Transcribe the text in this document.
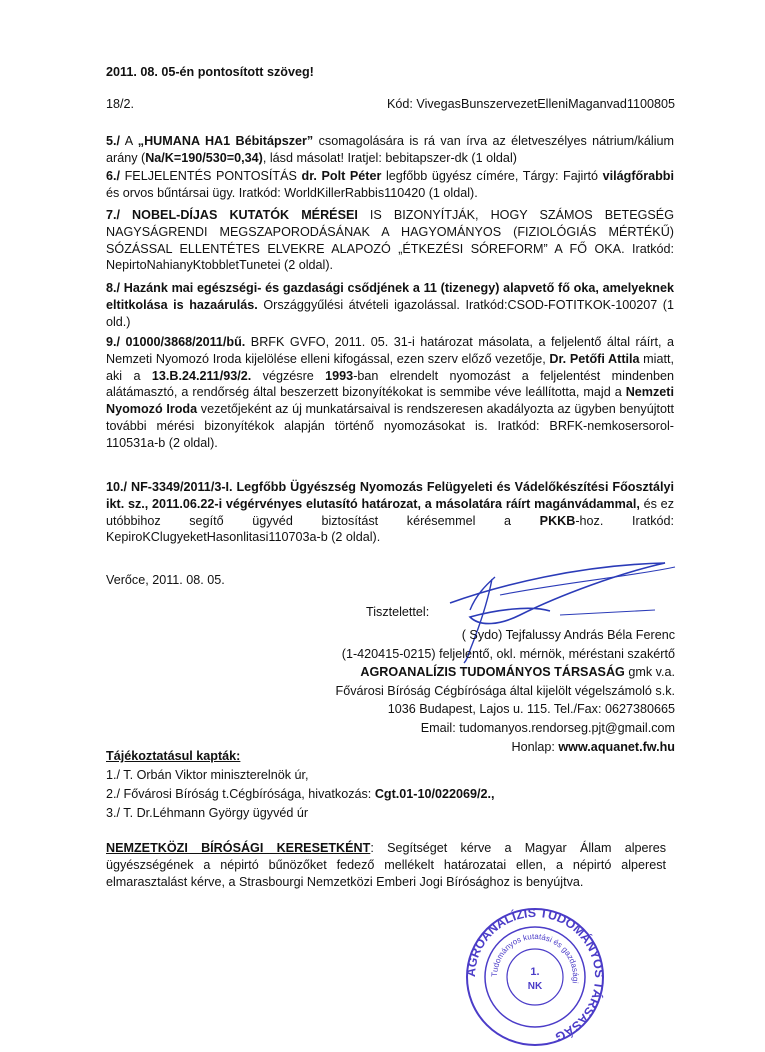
2011. 08. 05-én pontosított szöveg!
18/2.	Kód: VivegasBunszervezetElleniMaganvad1100805
5./ A „HUMANA HA1 Bébitápszer” csomagolására is rá van írva az életveszélyes nátrium/kálium arány (Na/K=190/530=0,34), lásd másolat! Iratjel: bebitapszer-dk (1 oldal)
6./ FELJELENTÉS PONTOSÍTÁS dr. Polt Péter legfőbb ügyész címére, Tárgy: Fajirtó világfőrabbi és orvos bűntársai ügy. Iratkód: WorldKillerRabbis110420 (1 oldal).
7./ NOBEL-DÍJAS KUTATÓK MÉRÉSEI IS BIZONYÍTJÁK, HOGY SZÁMOS BETEGSÉG NAGYSÁGRENDI MEGSZAPORODÁSÁNAK A HAGYOMÁNYOS (FIZIOLÓGIÁS MÉRTÉKŰ) SÓZÁSSAL ELLENTÉTES ELVEKRE ALAPOZÓ „ÉTKEZÉSI SÓREFORM” A FŐ OKA. Iratkód: NepirtoNahianyKtobbletTunetei (2 oldal).
8./ Hazánk mai egészségi- és gazdasági csődjének a 11 (tizenegy) alapvető fő oka, amelyeknek eltitkolása is hazaárulás. Országgyűlési átvételi igazolással. Iratkód:CSOD-FOTITKOK-100207 (1 old.)
9./ 01000/3868/2011/bű. BRFK GVFO, 2011. 05. 31-i határozat másolata, a feljelentő által ráírt, a Nemzeti Nyomozó Iroda kijelölése elleni kifogással, ezen szerv előző vezetője, Dr. Petőfi Attila miatt, aki a 13.B.24.211/93/2. végzésre 1993-ban elrendelt nyomozást a feljelentést mindenben alátámasztó, a rendőrség által beszerzett bizonyítékokat is semmibe véve leállította, majd a Nemzeti Nyomozó Iroda vezetőjeként az új munkatársaival is rendszeresen akadályozta az ügyben benyújtott további mérési bizonyítékok alapján történő nyomozásokat is. Iratkód: BRFK-nemkosersorol-110531a-b (2 oldal).
10./ NF-3349/2011/3-I. Legfőbb Ügyészség Nyomozás Felügyeleti és Vádelőkészítési Főosztályi ikt. sz., 2011.06.22-i végérvényes elutasító határozat, a másolatára ráírt magánvádammal, és ez utóbbihoz segítő ügyvéd biztosítást kérésemmel a PKKB-hoz. Iratkód: KepiroKClugyeketHasonlitasi110703a-b (2 oldal).
Verőce, 2011. 08. 05.
Tisztelettel:
( Sydo) Tejfalussy András Béla Ferenc
(1-420415-0215) feljelentő, okl. mérnök, méréstani szakértő
AGROANALÍZIS TUDOMÁNYOS TÁRSASÁG gmk v.a.
Fővárosi Bíróság Cégbírósága által kijelölt végelszámoló s.k.
1036 Budapest, Lajos u. 115. Tel./Fax: 0627380665
Email: tudomanyos.rendorseg.pjt@gmail.com
Honlap: www.aquanet.fw.hu
Tájékoztatásul kapták:
1./ T. Orbán Viktor miniszterelnök úr,
2./ Fővárosi Bíróság t.Cégbírósága, hivatkozás: Cgt.01-10/022069/2.,
3./ T. Dr.Léhmann György ügyvéd úr
NEMZETKÖZI BÍRÓSÁGI KERESETKÉNT: Segítséget kérve a Magyar Állam alperes ügyészségének a népirtó bűnözőket fedező mellékelt határozatai ellen, a népirtó alperest elmarasztalást kérve, a Strasbourgi Nemzetközi Emberi Jogi Bírósághoz is benyújtva.
AGROANALÍZIS TUDOMÁNYOS TÁRSASÁG
Tudományos kutatási és gazdasági
1.
NK
